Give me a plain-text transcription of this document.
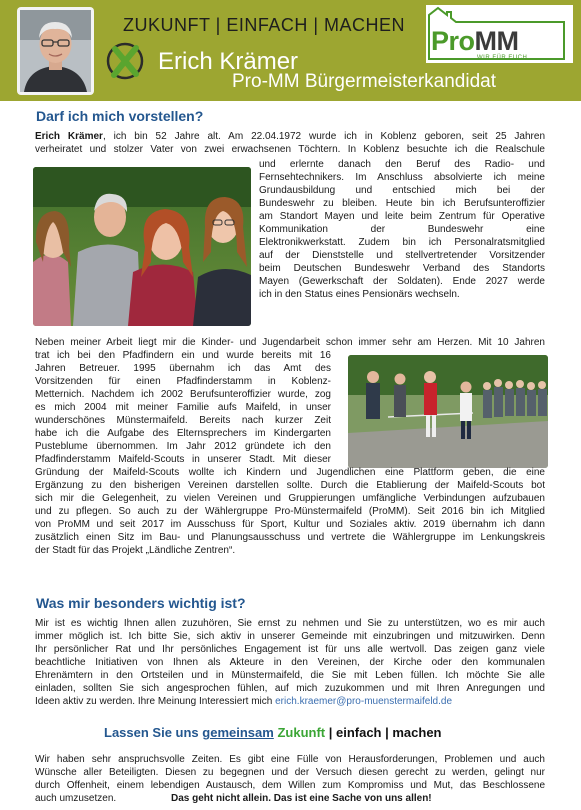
ZUKUNFT | EINFACH | MACHEN
Erich Krämer
Pro-MM Bürgermeisterkandidat
ProMM
WIR FÜR EUCH
Darf ich mich vorstellen?
Erich Krämer, ich bin 52 Jahre alt. Am 22.04.1972 wurde ich in Koblenz geboren, seit 25 Jahren
verheiratet und stolzer Vater von zwei erwachsenen Töchtern. In Koblenz besuchte ich die Realschule
und erlernte danach den Beruf des Radio- und
Fernsehtechnikers. Im Anschluss absolvierte ich meine
Grundausbildung und entschied mich bei der
Bundeswehr zu bleiben. Heute bin ich Berufsunteroffizier
am Standort Mayen und leite beim Zentrum für Operative
Kommunikation der Bundeswehr eine
Elektronikwerkstatt. Zudem bin ich Personalratsmitglied
auf der Dienststelle und stellvertretender Vorsitzender
beim Deutschen Bundeswehr Verband des Standorts
Mayen (Gewerkschaft der Soldaten). Ende 2027 werde
ich in den Status eines Pensionärs wechseln.
Neben meiner Arbeit liegt mir die Kinder- und Jugendarbeit schon immer sehr am Herzen. Mit 10 Jahren
trat ich bei den Pfadfindern ein und wurde bereits mit 16
Jahren Betreuer. 1995 übernahm ich das Amt des
Vorsitzenden für einen Pfadfinderstamm in Koblenz-
Metternich. Nachdem ich 2002 Berufsunteroffizier wurde, zog
es mich 2004 mit meiner Familie aufs Maifeld, in unser
wunderschönes Münstermaifeld. Bereits nach kurzer Zeit
habe ich die Aufgabe des Elternsprechers im Kindergarten
Pusteblume übernommen. Im Jahr 2012 gründete ich den
Pfadfinderstamm Maifeld-Scouts in unserer Stadt. Mit dieser
Gründung der Maifeld-Scouts wollte ich Kindern und Jugendlichen eine Plattform geben, die eine
Ergänzung zu den bisherigen Vereinen darstellen sollte. Durch die Etablierung der Maifeld-Scouts bot
sich mir die Gelegenheit, zu vielen Vereinen und Gruppierungen umfängliche Verbindungen aufzubauen
und zu pflegen. So auch zu der Wählergruppe Pro-Münstermaifeld (ProMM). Seit 2016 bin ich Mitglied
von ProMM und seit 2017 im Ausschuss für Sport, Kultur und Soziales aktiv. 2019 übernahm ich dann
zusätzlich einen Sitz im Bau- und Planungsausschuss und vertrete die Wählergruppe im Lenkungskreis
der Stadt für das Projekt „Ländliche Zentren“.
Was mir besonders wichtig ist?
Mir ist es wichtig Ihnen allen zuzuhören, Sie ernst zu nehmen und Sie zu unterstützen, wo es mir auch
immer möglich ist. Ich bitte Sie, sich aktiv in unserer Gemeinde mit einzubringen und mitzuwirken. Denn
Ihr persönlicher Rat und Ihr persönliches Engagement ist für uns alle wertvoll. Das zeigen ganz viele
beachtliche Initiativen von Ihnen als Akteure in den Vereinen, der Kirche oder den kommunalen
Ehrenämtern in den Ortsteilen und in Münstermaifeld, die Sie mit Leben füllen. Ich möchte Sie alle
einladen, sollten Sie sich angesprochen fühlen, auf mich zuzukommen und mit Ihren Anregungen und
Ideen aktiv zu werden. Ihre Meinung Interessiert mich erich.kraemer@pro-muenstermaifeld.de
Lassen Sie uns gemeinsam Zukunft | einfach | machen
Wir haben sehr anspruchsvolle Zeiten. Es gibt eine Fülle von Herausforderungen, Problemen und auch
Wünsche aller Beteiligten. Diesen zu begegnen und der Versuch diesen gerecht zu werden, gelingt nur
durch Offenheit, einem lebendigen Austausch, dem Willen zum Kompromiss und Mut, das Beschlossene
auch umzusetzen.	Das geht nicht allein. Das ist eine Sache von uns allen!
